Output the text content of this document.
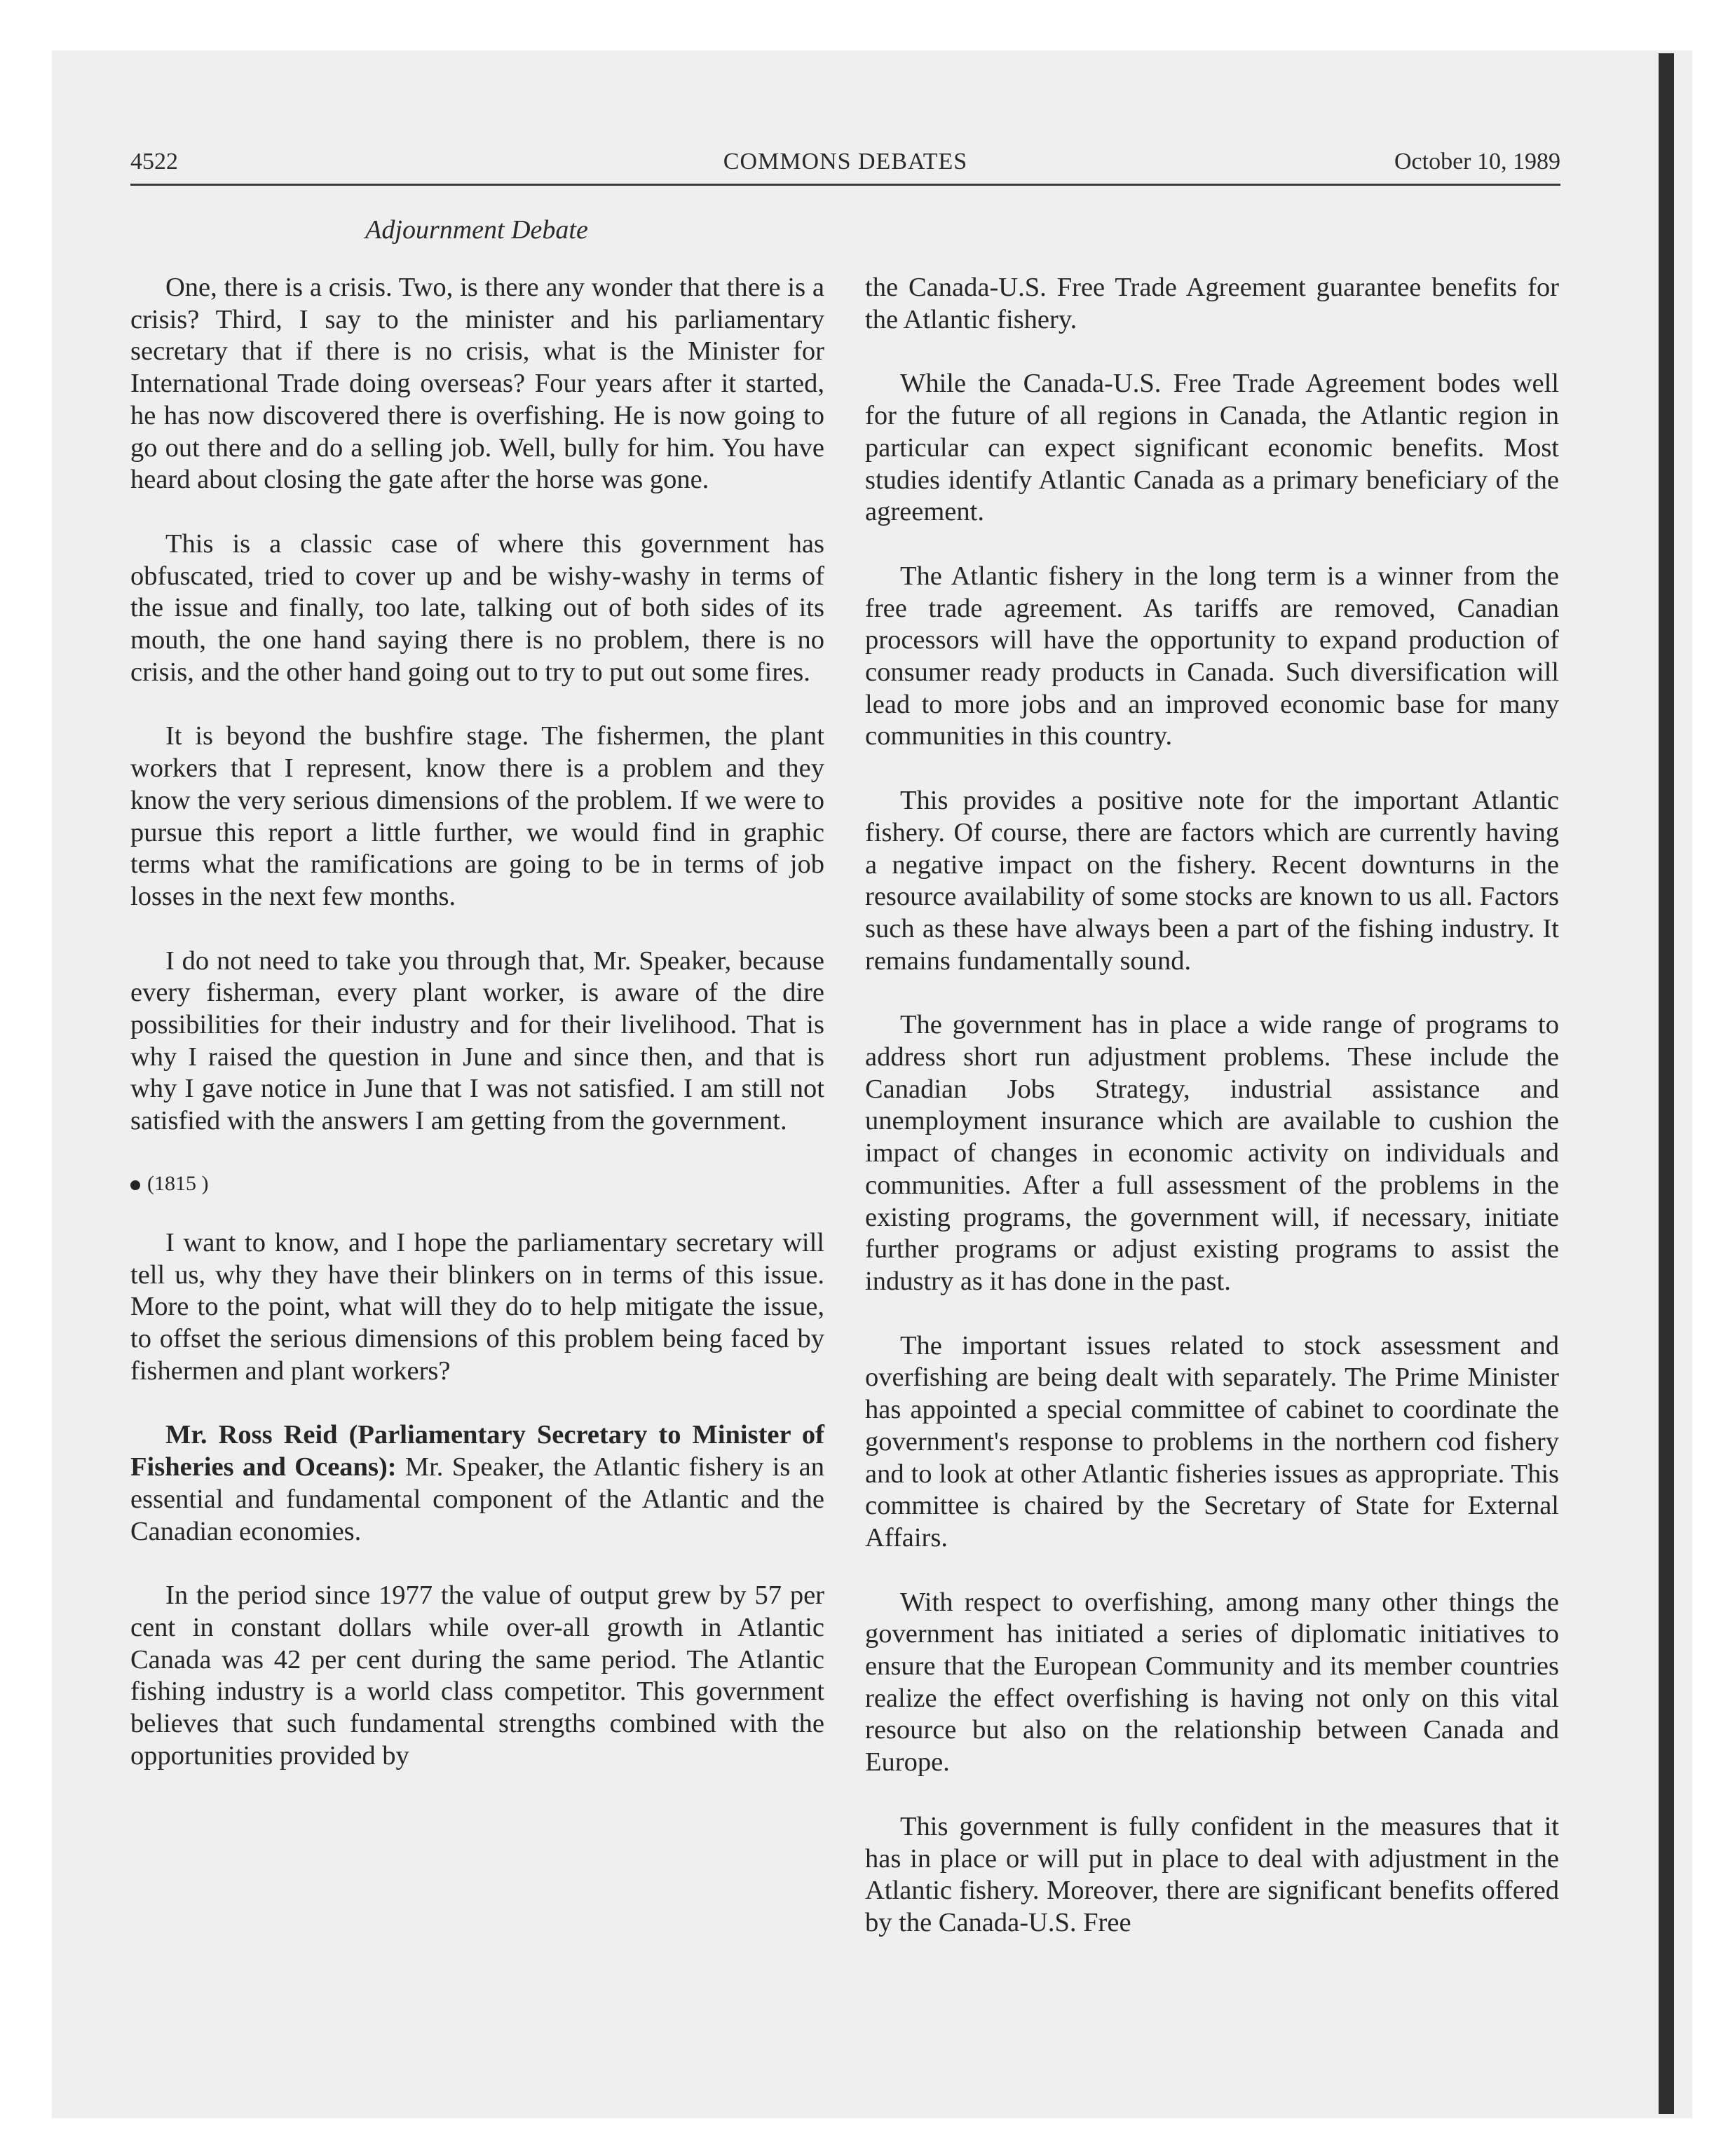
4522	COMMONS DEBATES	October 10, 1989
Adjournment Debate

One, there is a crisis. Two, is there any wonder that there is a crisis? Third, I say to the minister and his parliamentary secretary that if there is no crisis, what is the Minister for International Trade doing overseas? Four years after it started, he has now discovered there is overfishing. He is now going to go out there and do a selling job. Well, bully for him. You have heard about closing the gate after the horse was gone.

This is a classic case of where this government has obfuscated, tried to cover up and be wishy-washy in terms of the issue and finally, too late, talking out of both sides of its mouth, the one hand saying there is no problem, there is no crisis, and the other hand going out to try to put out some fires.

It is beyond the bushfire stage. The fishermen, the plant workers that I represent, know there is a problem and they know the very serious dimensions of the problem. If we were to pursue this report a little further, we would find in graphic terms what the ramifications are going to be in terms of job losses in the next few months.

I do not need to take you through that, Mr. Speaker, because every fisherman, every plant worker, is aware of the dire possibilities for their industry and for their livelihood. That is why I raised the question in June and since then, and that is why I gave notice in June that I was not satisfied. I am still not satisfied with the answers I am getting from the government.

(1815 )

I want to know, and I hope the parliamentary secretary will tell us, why they have their blinkers on in terms of this issue. More to the point, what will they do to help mitigate the issue, to offset the serious dimensions of this problem being faced by fishermen and plant workers?

Mr. Ross Reid (Parliamentary Secretary to Minister of Fisheries and Oceans): Mr. Speaker, the Atlantic fishery is an essential and fundamental component of the Atlantic and the Canadian economies.

In the period since 1977 the value of output grew by 57 per cent in constant dollars while over-all growth in Atlantic Canada was 42 per cent during the same period. The Atlantic fishing industry is a world class competitor. This government believes that such fundamental strengths combined with the opportunities provided by

the Canada-U.S. Free Trade Agreement guarantee benefits for the Atlantic fishery.

While the Canada-U.S. Free Trade Agreement bodes well for the future of all regions in Canada, the Atlantic region in particular can expect significant economic benefits. Most studies identify Atlantic Canada as a primary beneficiary of the agreement.

The Atlantic fishery in the long term is a winner from the free trade agreement. As tariffs are removed, Canadian processors will have the opportunity to expand production of consumer ready products in Canada. Such diversification will lead to more jobs and an improved economic base for many communities in this country.

This provides a positive note for the important Atlantic fishery. Of course, there are factors which are currently having a negative impact on the fishery. Recent downturns in the resource availability of some stocks are known to us all. Factors such as these have always been a part of the fishing industry. It remains fundamentally sound.

The government has in place a wide range of programs to address short run adjustment problems. These include the Canadian Jobs Strategy, industrial assistance and unemployment insurance which are available to cushion the impact of changes in economic activity on individuals and communities. After a full assessment of the problems in the existing programs, the government will, if necessary, initiate further programs or adjust existing programs to assist the industry as it has done in the past.

The important issues related to stock assessment and overfishing are being dealt with separately. The Prime Minister has appointed a special committee of cabinet to coordinate the government's response to problems in the northern cod fishery and to look at other Atlantic fisheries issues as appropriate. This committee is chaired by the Secretary of State for External Affairs.

With respect to overfishing, among many other things the government has initiated a series of diplomatic initiatives to ensure that the European Community and its member countries realize the effect overfishing is having not only on this vital resource but also on the relationship between Canada and Europe.

This government is fully confident in the measures that it has in place or will put in place to deal with adjustment in the Atlantic fishery. Moreover, there are significant benefits offered by the Canada-U.S. Free
